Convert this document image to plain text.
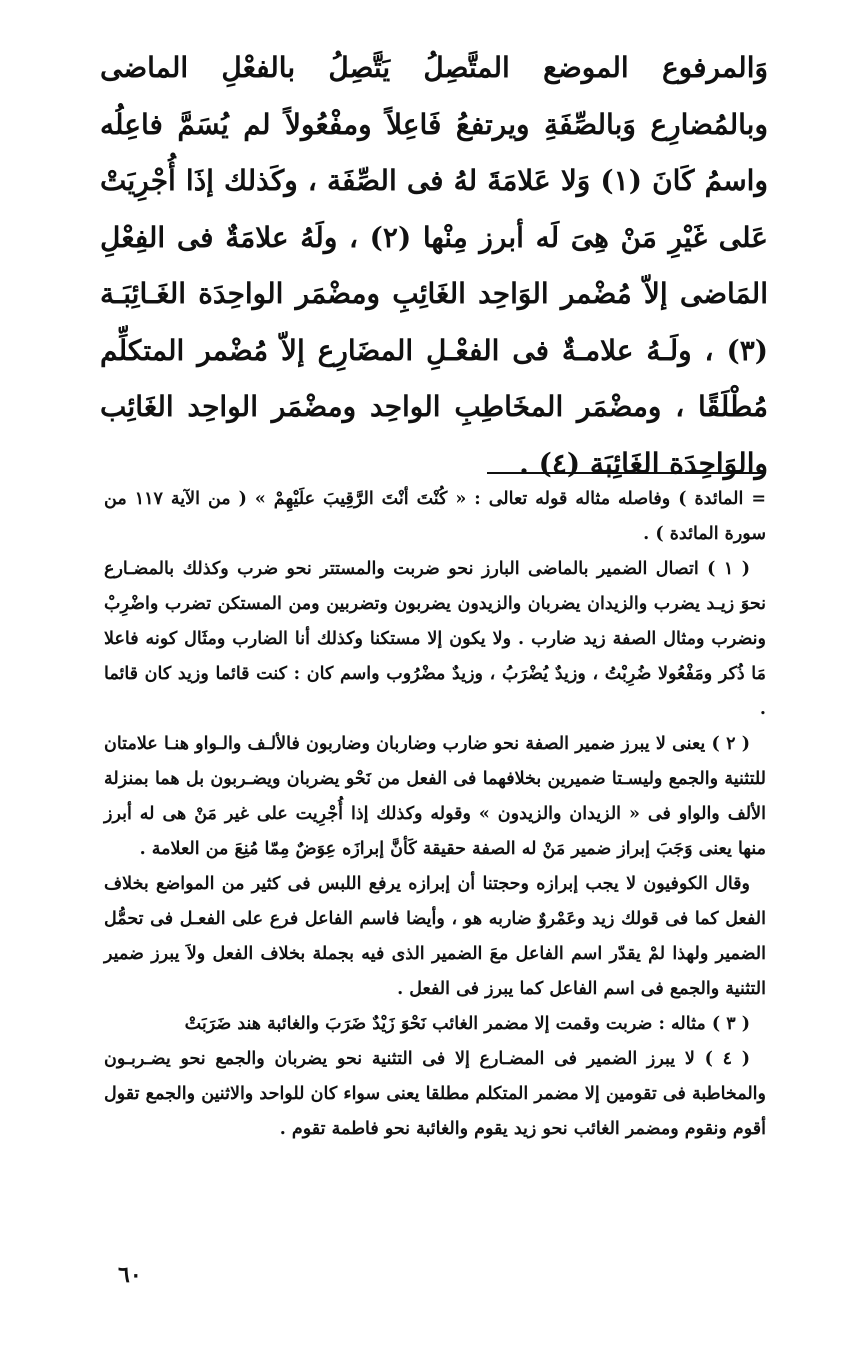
وَالمرفوع الموضع المتَّصِلُ يَتَّصِلُ بالفعْلِ الماضى وبالمُضارِع وَبالصِّفَةِ ويرتفعُ فَاعِلاً ومفْعُولاً لم يُسَمَّ فاعِلُه واسمُ كَانَ (١) وَلا عَلامَةَ لهُ فى الصِّفَة ، وكَذلك إذَا أُجْرِيَتْ عَلى غَيْرِ مَنْ هِىَ لَه أبرز مِنْها (٢) ، ولَهُ علامَةٌ فى الفِعْلِ المَاضى إلاّ مُضْمر الوَاحِد الغَائِبِ ومضْمَر الواحِدَة الغَـائِبَـة (٣) ، ولَـهُ علامـةٌ فى الفعْـلِ المضَارِع إلاّ مُضْمر المتكلِّم مُطْلَقًا ، ومضْمَر المخَاطِبِ الواحِد ومضْمَر الواحِد الغَائِب والوَاحِدَة الغَائِبَة (٤) .

= المائدة ) وفاصله مثاله قوله تعالى : « كُنْتَ أنْتَ الرَّقِيبَ علَيْهِمْ » ( من الآية ١١٧ من سورة المائدة ) .

( ١ ) اتصال الضمير بالماضى البارز نحو ضربت والمستتر نحو ضرب وكذلك بالمضـارع نحوَ زيـد يضرب والزيدان يضربان والزيدون يضربون وتضربين ومن المستكن تضرب واضْرِبْ ونضرب ومثال الصفة زيد ضارب . ولا يكون إلا مستكنا وكذلك أنا الضارب ومثَال كونه فاعلا مَا ذُكر ومَفْعُولا ضُرِبْتُ ، وزيدٌ يُضْرَبُ ، وزيدٌ مضْرُوب واسم كان : كنت قائما وزيد كان قائما .

( ٢ ) يعنى لا يبرز ضمير الصفة نحو ضارب وضاربان وضاربون فالألـف والـواو هنـا علامتان للتثنية والجمع وليسـتا ضميرين بخلافهما فى الفعل من نَحْو يضربان ويضـربون بل هما بمنزلة الألف والواو فى « الزيدان والزيدون » وقوله وكذلك إذا أُجْرِيت على غير مَنْ هى له أبرز منها يعنى وَجَبَ إبراز ضمير مَنْ له الصفة حقيقة كَأنَّ إبرازَه عِوَضٌ مِمّا مُنِعَ من العلامة .

وقال الكوفيون لا يجب إبرازه وحجتنا أن إبرازه يرفع اللبس فى كثير من المواضع بخلاف الفعل كما فى قولك زيد وعَمْروٌ ضاربه هو ، وأيضا فاسم الفاعل فرع على الفعـل فى تحمُّل الضمير ولهذا لمْ يقدّر اسم الفاعل معَ الضمير الذى فيه بجملة بخلاف الفعل ولاَ يبرز ضمير التثنية والجمع فى اسم الفاعل كما يبرز فى الفعل .

( ٣ ) مثاله : ضربت وقمت إلا مضمر الغائب نَحْوَ زَيْدٌ ضَرَبَ والغائبة هند ضَرَبَتْ

( ٤ ) لا يبرز الضمير فى المضـارع إلا فى التثنية نحو يضربان والجمع نحو يضـربـون والمخاطبة فى تقومين إلا مضمر المتكلم مطلقا يعنى سواء كان للواحد والاثنين والجمع تقول أقوم ونقوم ومضمر الغائب نحو زيد يقوم والغائبة نحو فاطمة تقوم .

٦٠
